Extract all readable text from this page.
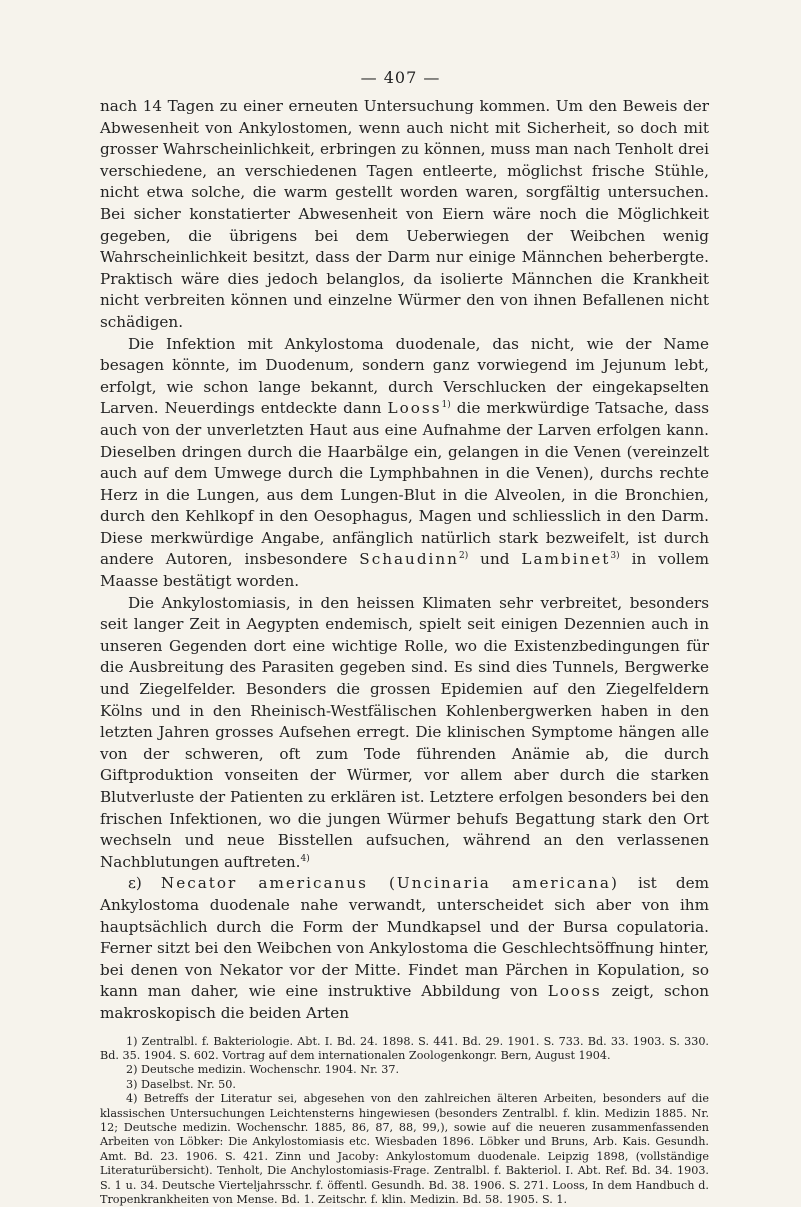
— 407 —

nach 14 Tagen zu einer erneuten Untersuchung kommen. Um den Beweis der Abwesenheit von Ankylostomen, wenn auch nicht mit Sicherheit, so doch mit grosser Wahrscheinlichkeit, erbringen zu können, muss man nach Tenholt drei verschiedene, an verschiedenen Tagen entleerte, möglichst frische Stühle, nicht etwa solche, die warm gestellt worden waren, sorgfältig untersuchen. Bei sicher konstatierter Abwesenheit von Eiern wäre noch die Möglichkeit gegeben, die übrigens bei dem Ueberwiegen der Weibchen wenig Wahrscheinlichkeit besitzt, dass der Darm nur einige Männchen beherbergte. Praktisch wäre dies jedoch belanglos, da isolierte Männchen die Krankheit nicht verbreiten können und einzelne Würmer den von ihnen Befallenen nicht schädigen.

Die Infektion mit Ankylostoma duodenale, das nicht, wie der Name besagen könnte, im Duodenum, sondern ganz vorwiegend im Jejunum lebt, erfolgt, wie schon lange bekannt, durch Verschlucken der eingekapselten Larven. Neuerdings entdeckte dann Looss$^{1)}$ die merkwürdige Tatsache, dass auch von der unverletzten Haut aus eine Aufnahme der Larven erfolgen kann. Dieselben dringen durch die Haarbälge ein, gelangen in die Venen (vereinzelt auch auf dem Umwege durch die Lymphbahnen in die Venen), durchs rechte Herz in die Lungen, aus dem Lungen-Blut in die Alveolen, in die Bronchien, durch den Kehlkopf in den Oesophagus, Magen und schliesslich in den Darm. Diese merkwürdige Angabe, anfänglich natürlich stark bezweifelt, ist durch andere Autoren, insbesondere Schaudinn$^{2)}$ und Lambinet$^{3)}$ in vollem Maasse bestätigt worden.

Die Ankylostomiasis, in den heissen Klimaten sehr verbreitet, besonders seit langer Zeit in Aegypten endemisch, spielt seit einigen Dezennien auch in unseren Gegenden dort eine wichtige Rolle, wo die Existenzbedingungen für die Ausbreitung des Parasiten gegeben sind. Es sind dies Tunnels, Bergwerke und Ziegelfelder. Besonders die grossen Epidemien auf den Ziegelfeldern Kölns und in den Rheinisch-Westfälischen Kohlenbergwerken haben in den letzten Jahren grosses Aufsehen erregt. Die klinischen Symptome hängen alle von der schweren, oft zum Tode führenden Anämie ab, die durch Giftproduktion vonseiten der Würmer, vor allem aber durch die starken Blutverluste der Patienten zu erklären ist. Letztere erfolgen besonders bei den frischen Infektionen, wo die jungen Würmer behufs Begattung stark den Ort wechseln und neue Bisstellen aufsuchen, während an den verlassenen Nachblutungen auftreten.$^{4)}$

ε) Necator americanus (Uncinaria americana) ist dem Ankylostoma duodenale nahe verwandt, unterscheidet sich aber von ihm hauptsächlich durch die Form der Mundkapsel und der Bursa copulatoria. Ferner sitzt bei den Weibchen von Ankylostoma die Geschlechtsöffnung hinter, bei denen von Nekator vor der Mitte. Findet man Pärchen in Kopulation, so kann man daher, wie eine instruktive Abbildung von Looss zeigt, schon makroskopisch die beiden Arten

1) Zentralbl. f. Bakteriologie. Abt. I. Bd. 24. 1898. S. 441. Bd. 29. 1901. S. 733. Bd. 33. 1903. S. 330. Bd. 35. 1904. S. 602. Vortrag auf dem internationalen Zoologenkongr. Bern, August 1904.

2) Deutsche medizin. Wochenschr. 1904. Nr. 37.

3) Daselbst. Nr. 50.

4) Betreffs der Literatur sei, abgesehen von den zahlreichen älteren Arbeiten, besonders auf die klassischen Untersuchungen Leichtensterns hingewiesen (besonders Zentralbl. f. klin. Medizin 1885. Nr. 12; Deutsche medizin. Wochenschr. 1885, 86, 87, 88, 99,), sowie auf die neueren zusammenfassenden Arbeiten von Löbker: Die Ankylostomiasis etc. Wiesbaden 1896. Löbker und Bruns, Arb. Kais. Gesundh. Amt. Bd. 23. 1906. S. 421. Zinn und Jacoby: Ankylostomum duodenale. Leipzig 1898, (vollständige Literaturübersicht). Tenholt, Die Anchylostomiasis-Frage. Zentralbl. f. Bakteriol. I. Abt. Ref. Bd. 34. 1903. S. 1 u. 34. Deutsche Vierteljahrsschr. f. öffentl. Gesundh. Bd. 38. 1906. S. 271. Looss, In dem Handbuch d. Tropenkrankheiten von Mense. Bd. 1. Zeitschr. f. klin. Medizin. Bd. 58. 1905. S. 1.
